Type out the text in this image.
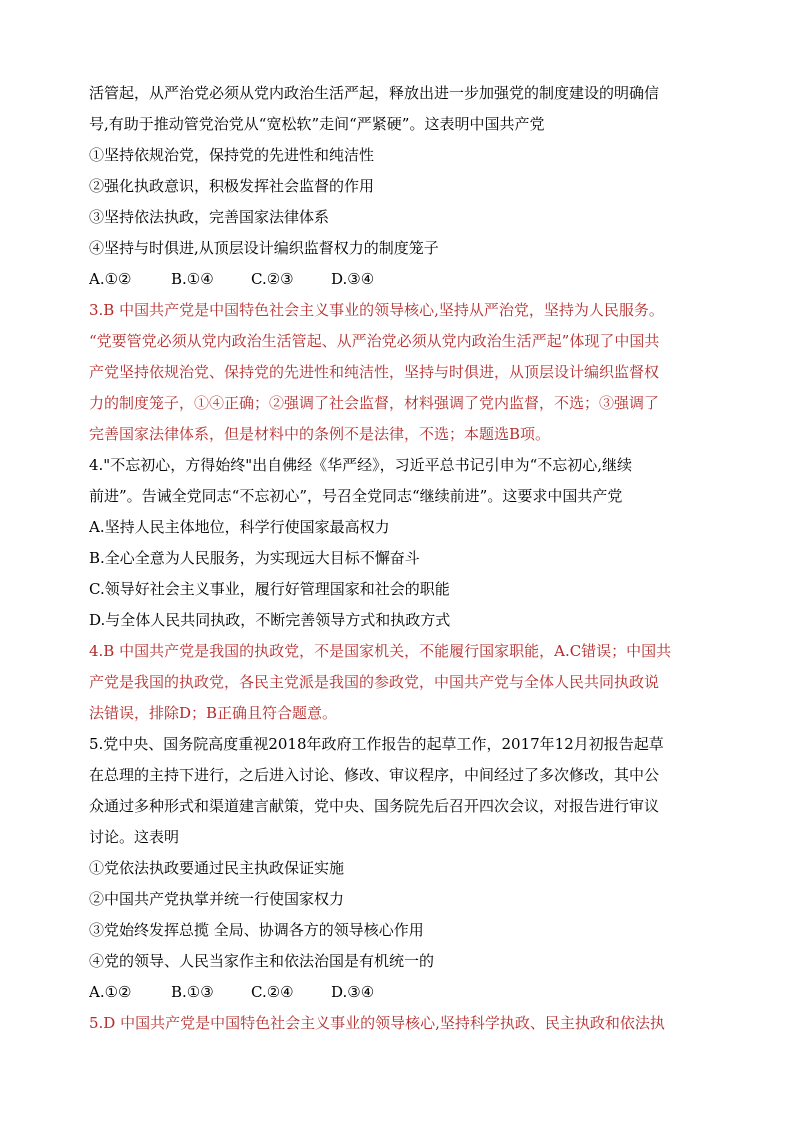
活管起，从严治党必须从党内政治生活严起，释放出进一步加强党的制度建设的明确信
号,有助于推动管党治党从“宽松软”走间“严紧硬”。这表明中国共产党
①坚持依规治党，保持党的先进性和纯洁性
②强化执政意识，积极发挥社会监督的作用
③坚持依法执政，完善国家法律体系
④坚持与时俱进,从顶层设计编织监督权力的制度笼子
A.①②	B.①④ C.②③ D.③④
3.B 中国共产党是中国特色社会主义事业的领导核心,坚持从严治党，坚持为人民服务。
“党要管党必须从党内政治生活管起、从严治党必须从党内政治生活严起”体现了中国共
产党坚持依规治党、保持党的先进性和纯洁性，坚持与时俱进，从顶层设计编织监督权
力的制度笼子，①④正确；②强调了社会监督，材料强调了党内监督，不选；③强调了
完善国家法律体系，但是材料中的条例不是法律，不选；本题选B项。
4."不忘初心，方得始终"出自佛经《华严经》，习近平总书记引申为“不忘初心,继续
前进”。告诫全党同志“不忘初心”，号召全党同志“继续前进”。这要求中国共产党
A.坚持人民主体地位，科学行使国家最高权力
B.全心全意为人民服务，为实现远大目标不懈奋斗
C.领导好社会主义事业，履行好管理国家和社会的职能
D.与全体人民共同执政，不断完善领导方式和执政方式
4.B 中国共产党是我国的执政党，不是国家机关，不能履行国家职能，A.C错误；中国共
产党是我国的执政党，各民主党派是我国的参政党，中国共产党与全体人民共同执政说
法错误，排除D；B正确且符合题意。
5.党中央、国务院高度重视2018年政府工作报告的起草工作，2017年12月初报告起草
在总理的主持下进行，之后进入讨论、修改、审议程序，中间经过了多次修改，其中公
众通过多种形式和渠道建言献策，党中央、国务院先后召开四次会议，对报告进行审议
讨论。这表明
①党依法执政要通过民主执政保证实施
②中国共产党执掌并统一行使国家权力
③党始终发挥总揽 全局、协调各方的领导核心作用
④党的领导、人民当家作主和依法治国是有机统一的
A.①②	B.①③ C.②④ D.③④
5.D 中国共产党是中国特色社会主义事业的领导核心,坚持科学执政、民主执政和依法执
